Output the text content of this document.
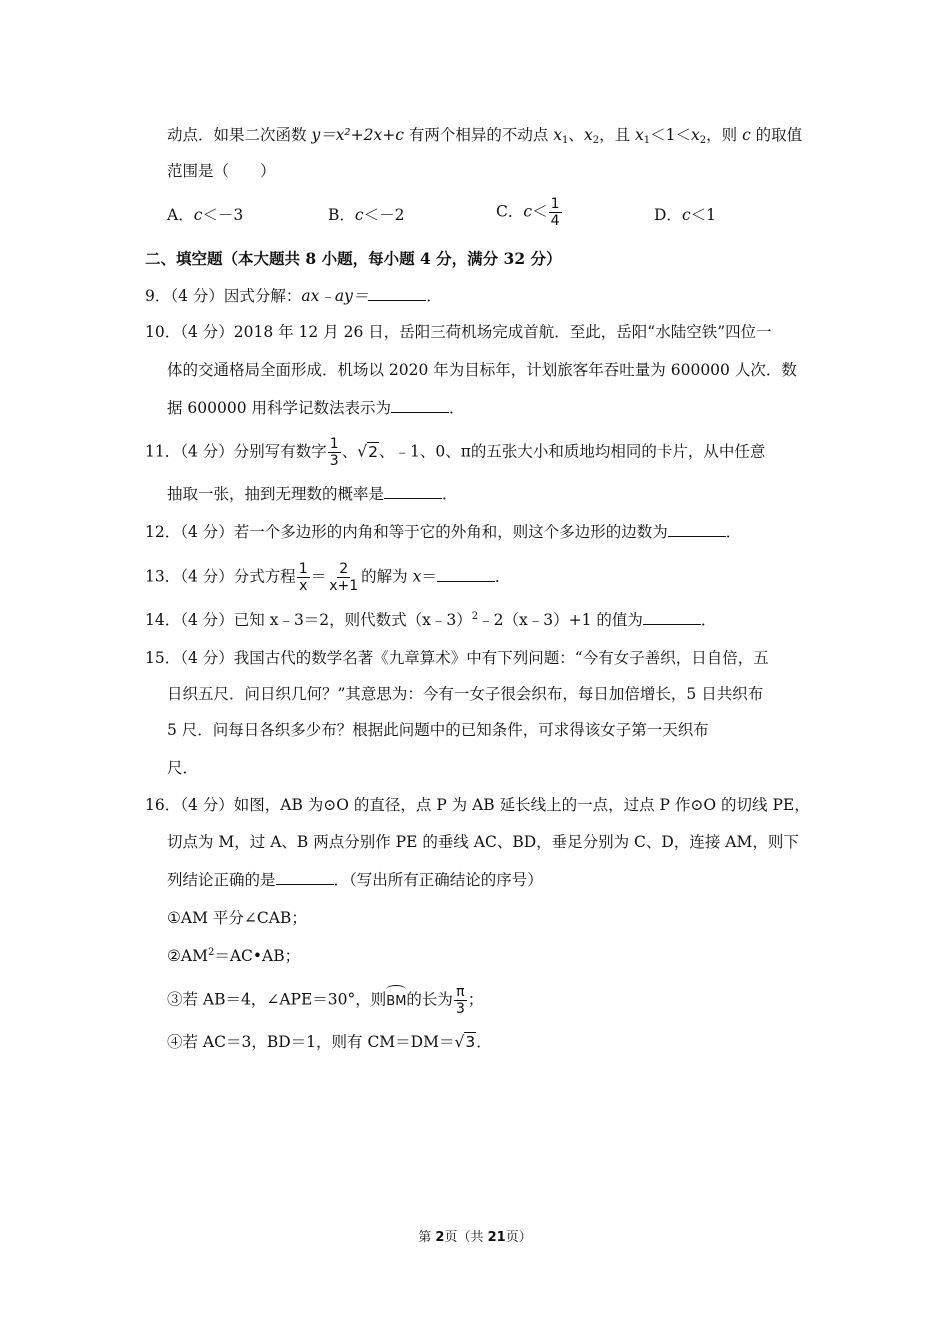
动点．如果二次函数 y＝x²+2x+c 有两个相异的不动点 $x_1$、$x_2$，且 $x_1<1<x_2$，则 c 的取值
范围是（　　）
A．c＜－3	B．c＜－2	C．$c< \frac{1}{4}$	D．c＜1
二、填空题（本大题共 8 小题，每小题 4 分，满分 32 分）
9．（4 分）因式分解：ax﹣ay＝	．
10．（4 分）2018 年 12 月 26 日，岳阳三荷机场完成首航．至此，岳阳“水陆空铁”四位一
体的交通格局全面形成．机场以 2020 年为目标年，计划旅客年吞吐量为 600000 人次．数
据 600000 用科学记数法表示为	．
11．（4 分）分别写有数字 $\frac{1}{3}$ 、√2、﹣1、0、π的五张大小和质地均相同的卡片，从中任意
抽取一张，抽到无理数的概率是	．
12．（4 分）若一个多边形的内角和等于它的外角和，则这个多边形的边数为	．
13．（4 分）分式方程 $\frac{1}{x} = \frac{2}{x+1}$ 的解为 x＝	．
14．（4 分）已知 x﹣3＝2，则代数式（x﹣3）$^2$﹣2（x﹣3）+1 的值为	．
15．（4 分）我国古代的数学名著《九章算术》中有下列问题：“今有女子善织，日自倍，五
日织五尺．问日织几何？”其意思为：今有一女子很会织布，每日加倍增长，5 日共织布
5 尺．问每日各织多少布？根据此问题中的已知条件，可求得该女子第一天织布
尺．
16．（4 分）如图，AB 为⊙O 的直径，点 P 为 AB 延长线上的一点，过点 P 作⊙O 的切线 PE，
切点为 M，过 A、B 两点分别作 PE 的垂线 AC、BD，垂足分别为 C、D，连接 AM，则下
列结论正确的是	．（写出所有正确结论的序号）
①AM 平分∠CAB；
$②AM^2=AC•AB$；
③若 AB＝4，∠APE＝30°，则BM的长为 $\frac{\pi}{3}$ ；
④若 AC＝3，BD＝1，则有 CM＝DM＝√3．
第 2页（共 21页）
